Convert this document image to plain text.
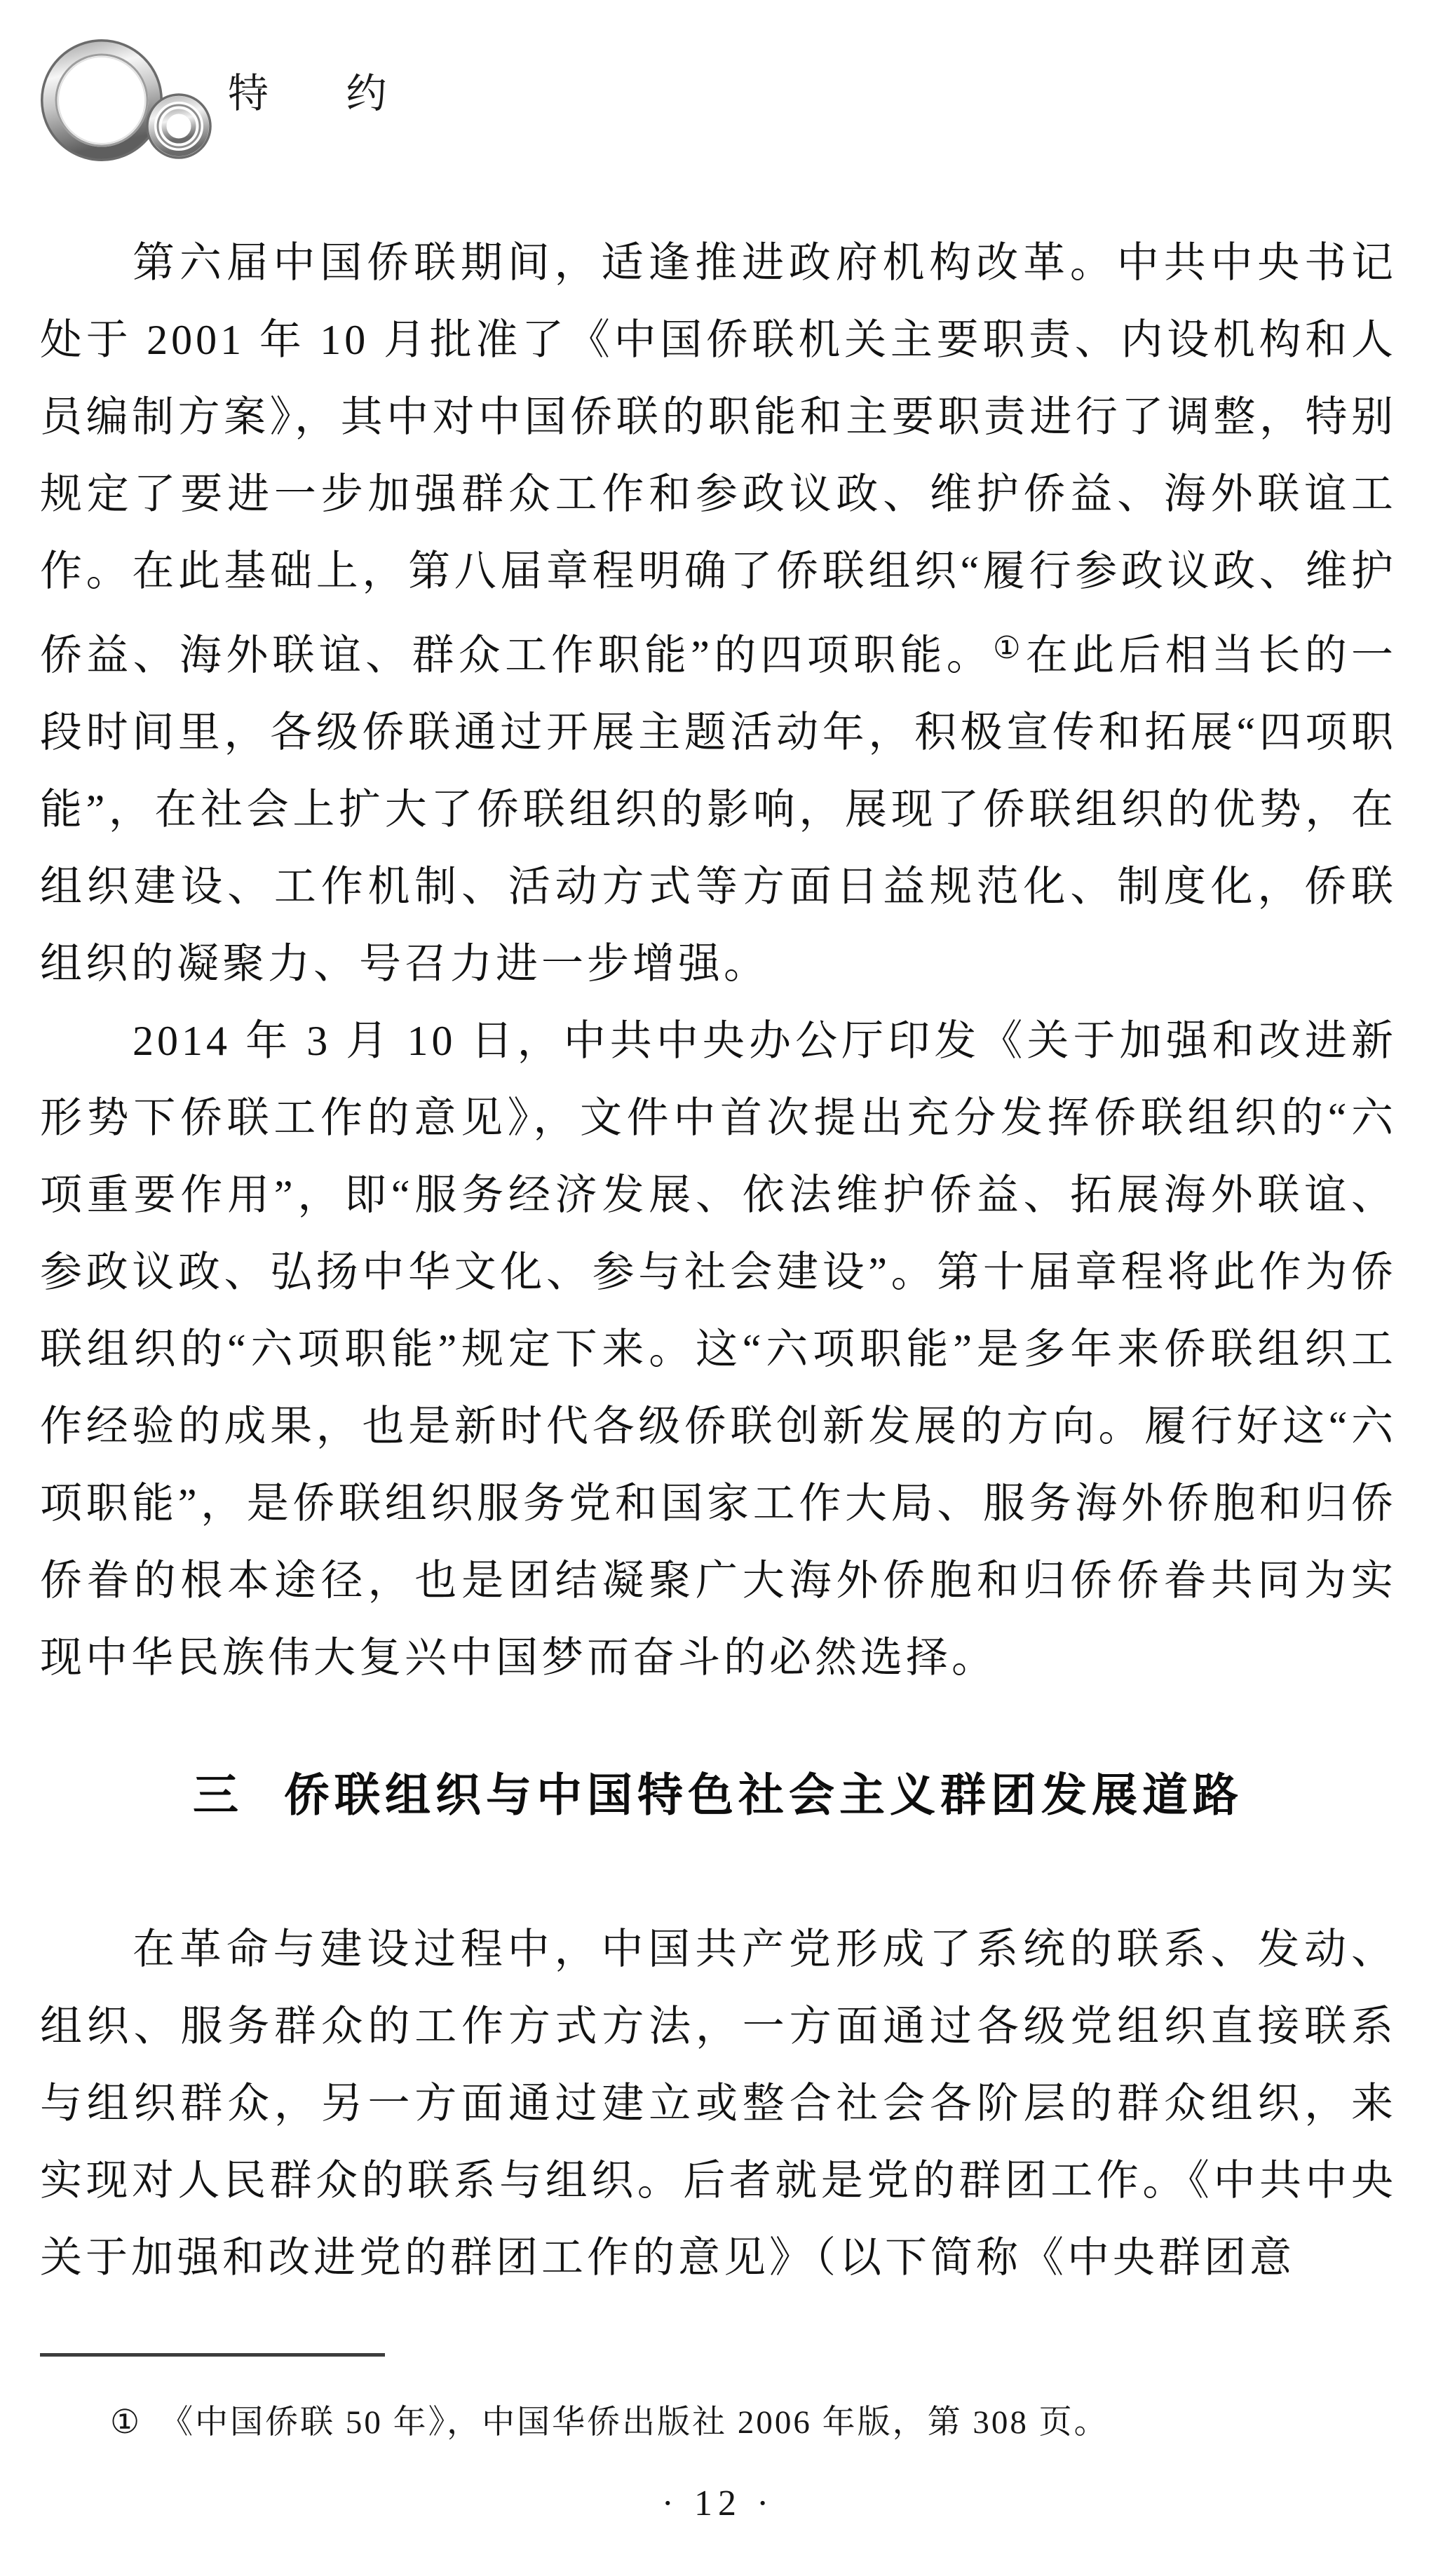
特 约

第六届中国侨联期间，适逢推进政府机构改革。中共中央书记处于 2001 年 10 月批准了《中国侨联机关主要职责、内设机构和人员编制方案》，其中对中国侨联的职能和主要职责进行了调整，特别规定了要进一步加强群众工作和参政议政、维护侨益、海外联谊工作。在此基础上，第八届章程明确了侨联组织“履行参政议政、维护侨益、海外联谊、群众工作职能”的四项职能。① 在此后相当长的一段时间里，各级侨联通过开展主题活动年，积极宣传和拓展“四项职能”，在社会上扩大了侨联组织的影响，展现了侨联组织的优势，在组织建设、工作机制、活动方式等方面日益规范化、制度化，侨联组织的凝聚力、号召力进一步增强。

2014 年 3 月 10 日，中共中央办公厅印发《关于加强和改进新形势下侨联工作的意见》，文件中首次提出充分发挥侨联组织的“六项重要作用”，即“服务经济发展、依法维护侨益、拓展海外联谊、参政议政、弘扬中华文化、参与社会建设”。第十届章程将此作为侨联组织的“六项职能”规定下来。这“六项职能”是多年来侨联组织工作经验的成果，也是新时代各级侨联创新发展的方向。履行好这“六项职能”，是侨联组织服务党和国家工作大局、服务海外侨胞和归侨侨眷的根本途径，也是团结凝聚广大海外侨胞和归侨侨眷共同为实现中华民族伟大复兴中国梦而奋斗的必然选择。

三 侨联组织与中国特色社会主义群团发展道路

在革命与建设过程中，中国共产党形成了系统的联系、发动、组织、服务群众的工作方式方法，一方面通过各级党组织直接联系与组织群众，另一方面通过建立或整合社会各阶层的群众组织，来实现对人民群众的联系与组织。后者就是党的群团工作。《中共中央关于加强和改进党的群团工作的意见》（以下简称《中央群团意

① 《中国侨联 50 年》，中国华侨出版社 2006 年版，第 308 页。
· 12 ·
